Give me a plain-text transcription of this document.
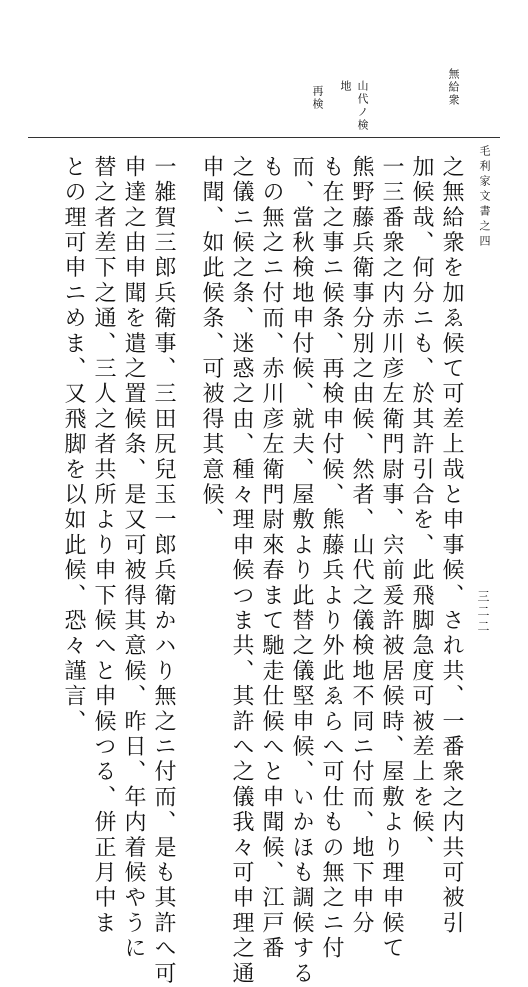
無給衆
山代ノ検
地
再検
毛利家文書之四
三二二
之無給衆を加ゑ候て可差上哉と申事候、され共、一番衆之内共可被引
加候哉、何分ニも、於其許引合を、此飛脚急度可被差上を候、
一三番衆之内赤川彦左衛門尉事、宍前爰許被居候時、屋敷より理申候て
熊野藤兵衛事分別之由候、然者、山代之儀検地不同ニ付而、地下申分
も在之事ニ候条、再検申付候、熊藤兵より外此ゑらへ可仕もの無之ニ付
而、當秋検地申付候、就夫、屋敷より此替之儀堅申候、いかほも調候する
もの無之ニ付而、赤川彦左衛門尉來春まて馳走仕候へと申聞候、江戸番
之儀ニ候之条、迷惑之由、種々理申候つま共、其許へ之儀我々可申理之通
申聞、如此候条、可被得其意候、
一雑賀三郎兵衛事、三田尻兒玉一郎兵衛かハり無之ニ付而、是も其許へ可
申達之由申聞を遣之置候条、是又可被得其意候、昨日、年内着候やうに
替之者差下之通、三人之者共所より申下候へと申候つる、併正月中ま
との理可申ニめま、又飛脚を以如此候、恐々謹言、
